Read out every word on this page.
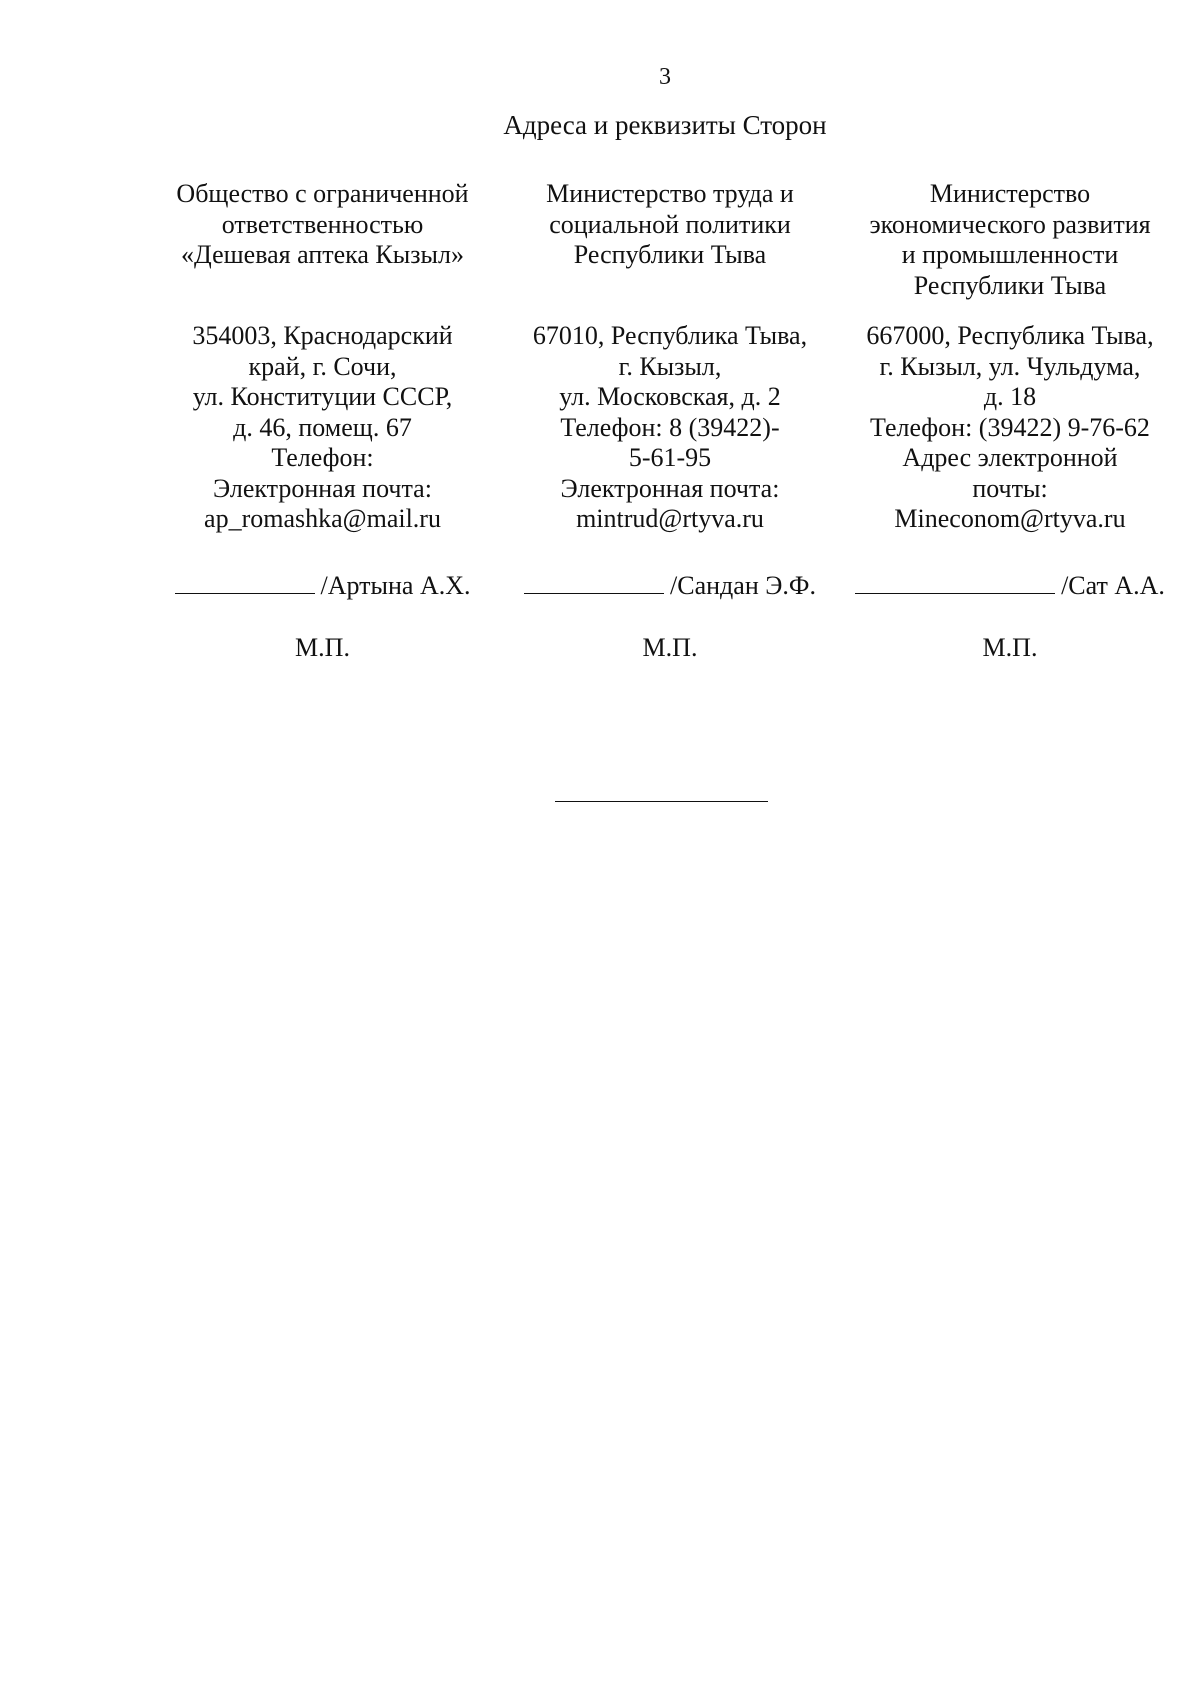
3
Адреса и реквизиты Сторон
Общество с ограниченной
ответственностью
«Дешевая аптека Кызыл»
354003, Краснодарский
край, г. Сочи,
ул. Конституции СССР,
д. 46, помещ. 67
Телефон:
Электронная почта:
ap_romashka@mail.ru
/Артына А.Х.
М.П.
Министерство труда и
социальной политики
Республики Тыва
67010, Республика Тыва,
г. Кызыл,
ул. Московская, д. 2
Телефон: 8 (39422)-
5-61-95
Электронная почта:
mintrud@rtyva.ru
/Сандан Э.Ф.
М.П.
Министерство
экономического развития
и промышленности
Республики Тыва
667000, Республика Тыва,
г. Кызыл, ул. Чульдума,
д. 18
Телефон: (39422) 9-76-62
Адрес электронной
почты:
Mineconom@rtyva.ru
/Сат А.А.
М.П.
